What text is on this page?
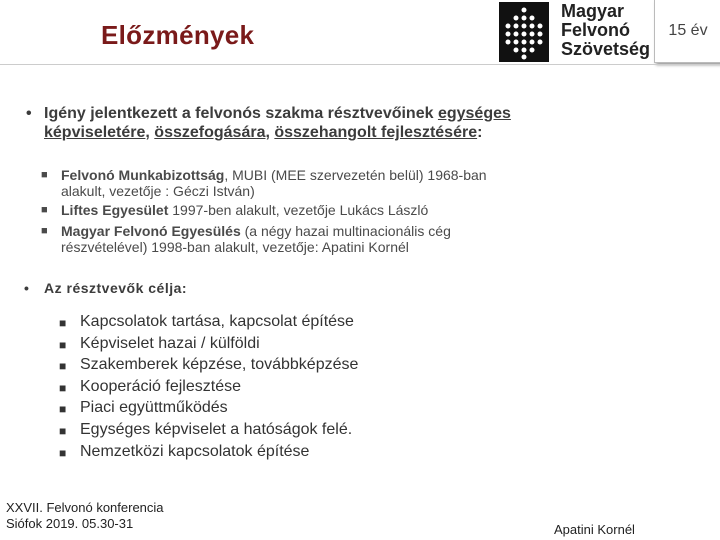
Előzmények
Magyar
Felvonó
Szövetség
15 év
• Igény jelentkezett a felvonós szakma résztvevőinek egységes
képviseletére, összefogására, összehangolt fejlesztésére:
■ Felvonó Munkabizottság, MUBI (MEE szervezetén belül) 1968-ban
alakult, vezetője : Géczi István)
■ Liftes Egyesület 1997-ben alakult, vezetője Lukács László
■ Magyar Felvonó Egyesülés (a négy hazai multinacionális cég
részvételével) 1998-ban alakult, vezetője: Apatini Kornél
• Az résztvevők célja:
■ Kapcsolatok tartása, kapcsolat építése
■ Képviselet hazai / külföldi
■ Szakemberek képzése, továbbképzése
■ Kooperáció fejlesztése
■ Piaci együttműködés
■ Egységes képviselet a hatóságok felé.
■ Nemzetközi kapcsolatok építése
XXVII. Felvonó konferencia
Siófok 2019. 05.30-31	Apatini Kornél
